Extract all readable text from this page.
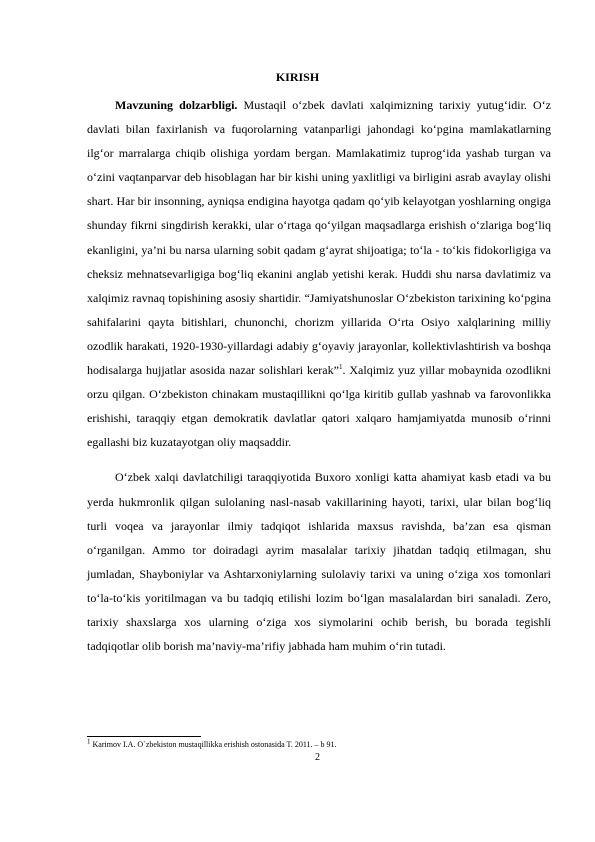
KIRISH

Mavzuning dolzarbligi. Mustaqil o‘zbek davlati xalqimizning tarixiy yutug‘idir. O‘z davlati bilan faxirlanish va fuqorolarning vatanparligi jahondagi ko‘pgina mamlakatlarning ilg‘or marralarga chiqib olishiga yordam bergan. Mamlakatimiz tuprog‘ida yashab turgan va o‘zini vaqtanparvar deb hisoblagan har bir kishi uning yaxlitligi va birligini asrab avaylay olishi shart. Har bir insonning, ayniqsa endigina hayotga qadam qo‘yib kelayotgan yoshlarning ongiga shunday fikrni singdirish kerakki, ular o‘rtaga qo‘yilgan maqsadlarga erishish o‘zlariga bog‘liq ekanligini, ya’ni bu narsa ularning sobit qadam g‘ayrat shijoatiga; to‘la - to‘kis fidokorligiga va cheksiz mehnatsevarligiga bog‘liq ekanini anglab yetishi kerak. Huddi shu narsa davlatimiz va xalqimiz ravnaq topishining asosiy shartidir. “Jamiyatshunoslar O‘zbekiston tarixining ko‘pgina sahifalarini qayta bitishlari, chunonchi, chorizm yillarida O‘rta Osiyo xalqlarining milliy ozodlik harakati, 1920-1930-yillardagi adabiy g‘oyaviy jarayonlar, kollektivlashtirish va boshqa hodisalarga hujjatlar asosida nazar solishlari kerak”$^1$. Xalqimiz yuz yillar mobaynida ozodlikni orzu qilgan. O‘zbekiston chinakam mustaqillikni qo‘lga kiritib gullab yashnab va farovonlikka erishishi, taraqqiy etgan demokratik davlatlar qatori xalqaro hamjamiyatda munosib o‘rinni egallashi biz kuzatayotgan oliy maqsaddir.

O‘zbek xalqi davlatchiligi taraqqiyotida Buxoro xonligi katta ahamiyat kasb etadi va bu yerda hukmronlik qilgan sulolaning nasl-nasab vakillarining hayoti, tarixi, ular bilan bog‘liq turli voqea va jarayonlar ilmiy tadqiqot ishlarida maxsus ravishda, ba’zan esa qisman o‘rganilgan. Ammo tor doiradagi ayrim masalalar tarixiy jihatdan tadqiq etilmagan, shu jumladan, Shayboniylar va Ashtarxoniylarning sulolaviy tarixi va uning o‘ziga xos tomonlari to‘la-to‘kis yoritilmagan va bu tadqiq etilishi lozim bo‘lgan masalalardan biri sanaladi. Zero, tarixiy shaxslarga xos ularning o‘ziga xos siymolarini ochib berish, bu borada tegishli tadqiqotlar olib borish ma’naviy-ma’rifiy jabhada ham muhim o‘rin tutadi.

$^1$ Karimov I.A. O`zbekiston mustaqillikka erishish ostonasida T. 2011. – b 91.
2
